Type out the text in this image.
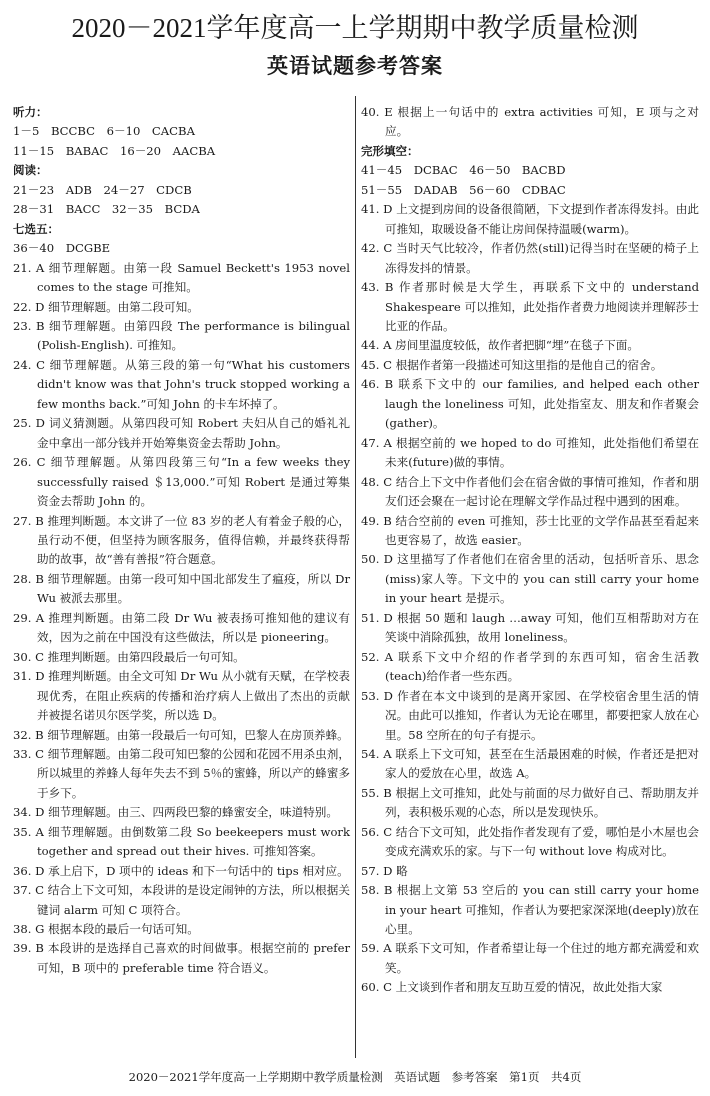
2020－2021学年度高一上学期期中教学质量检测
英语试题参考答案
听力：
1－5　BCCBC　6－10　CACBA
11－15　BABAC　16－20　AACBA
阅读：
21－23　ADB　24－27　CDCB
28－31　BACC　32－35　BCDA
七选五：
36－40　DCGBE
21. A 细节理解题。由第一段 Samuel Beckett's 1953 novel comes to the stage 可推知。
22. D 细节理解题。由第二段可知。
23. B 细节理解题。由第四段 The performance is bilingual (Polish-English). 可推知。
24. C 细节理解题。从第三段的第一句“What his customers didn't know was that John's truck stopped working a few months back.”可知 John 的卡车坏掉了。
25. D 词义猜测题。从第四段可知 Robert 夫妇从自己的婚礼礼金中拿出一部分钱并开始筹集资金去帮助 John。
26. C 细节理解题。从第四段第三句“In a few weeks they successfully raised ＄13,000.”可知 Robert 是通过筹集资金去帮助 John 的。
27. B 推理判断题。本文讲了一位 83 岁的老人有着金子般的心，虽行动不便，但坚持为顾客服务，值得信赖，并最终获得帮助的故事，故“善有善报”符合题意。
28. B 细节理解题。由第一段可知中国北部发生了瘟疫，所以 Dr Wu 被派去那里。
29. A 推理判断题。由第二段 Dr Wu 被表扬可推知他的建议有效，因为之前在中国没有这些做法，所以是 pioneering。
30. C 推理判断题。由第四段最后一句可知。
31. D 推理判断题。由全文可知 Dr Wu 从小就有天赋，在学校表现优秀，在阻止疾病的传播和治疗病人上做出了杰出的贡献并被提名诺贝尔医学奖，所以选 D。
32. B 细节理解题。由第一段最后一句可知，巴黎人在房顶养蜂。
33. C 细节理解题。由第二段可知巴黎的公园和花园不用杀虫剂，所以城里的养蜂人每年失去不到 5％的蜜蜂，所以产的蜂蜜多于乡下。
34. D 细节理解题。由三、四两段巴黎的蜂蜜安全，味道特别。
35. A 细节理解题。由倒数第二段 So beekeepers must work together and spread out their hives. 可推知答案。
36. D 承上启下，D 项中的 ideas 和下一句话中的 tips 相对应。
37. C 结合上下文可知，本段讲的是设定闹钟的方法，所以根据关键词 alarm 可知 C 项符合。
38. G 根据本段的最后一句话可知。
39. B 本段讲的是选择自己喜欢的时间做事。根据空前的 prefer 可知，B 项中的 preferable time 符合语义。
40. E 根据上一句话中的 extra activities 可知，E 项与之对应。
完形填空：
41－45　DCBAC　46－50　BACBD
51－55　DADAB　56－60　CDBAC
41. D 上文提到房间的设备很简陋，下文提到作者冻得发抖。由此可推知，取暖设备不能让房间保持温暖(warm)。
42. C 当时天气比较冷，作者仍然(still)记得当时在坚硬的椅子上冻得发抖的情景。
43. B 作者那时候是大学生，再联系下文中的 understand Shakespeare 可以推知，此处指作者费力地阅读并理解莎士比亚的作品。
44. A 房间里温度较低，故作者把脚“埋”在毯子下面。
45. C 根据作者第一段描述可知这里指的是他自己的宿舍。
46. B 联系下文中的 our families, and helped each other laugh the loneliness 可知，此处指室友、朋友和作者聚会(gather)。
47. A 根据空前的 we hoped to do 可推知，此处指他们希望在未来(future)做的事情。
48. C 结合上下文中作者他们会在宿舍做的事情可推知，作者和朋友们还会聚在一起讨论在理解文学作品过程中遇到的困难。
49. B 结合空前的 even 可推知，莎士比亚的文学作品甚至看起来也更容易了，故选 easier。
50. D 这里描写了作者他们在宿舍里的活动，包括听音乐、思念(miss)家人等。下文中的 you can still carry your home in your heart 是提示。
51. D 根据 50 题和 laugh …away 可知，他们互相帮助对方在笑谈中消除孤独，故用 loneliness。
52. A 联系下文中介绍的作者学到的东西可知，宿舍生活教(teach)给作者一些东西。
53. D 作者在本文中谈到的是离开家园、在学校宿舍里生活的情况。由此可以推知，作者认为无论在哪里，都要把家人放在心里。58 空所在的句子有提示。
54. A 联系上下文可知，甚至在生活最困难的时候，作者还是把对家人的爱放在心里，故选 A。
55. B 根据上文可推知，此处与前面的尽力做好自己、帮助朋友并列，表积极乐观的心态，所以是发现快乐。
56. C 结合下文可知，此处指作者发现有了爱，哪怕是小木屋也会变成充满欢乐的家。与下一句 without love 构成对比。
57. D 略
58. B 根据上文第 53 空后的 you can still carry your home in your heart 可推知，作者认为要把家深深地(deeply)放在心里。
59. A 联系下文可知，作者希望让每一个住过的地方都充满爱和欢笑。
60. C 上文谈到作者和朋友互助互爱的情况，故此处指大家
2020－2021学年度高一上学期期中教学质量检测　英语试题　参考答案　第1页　共4页
